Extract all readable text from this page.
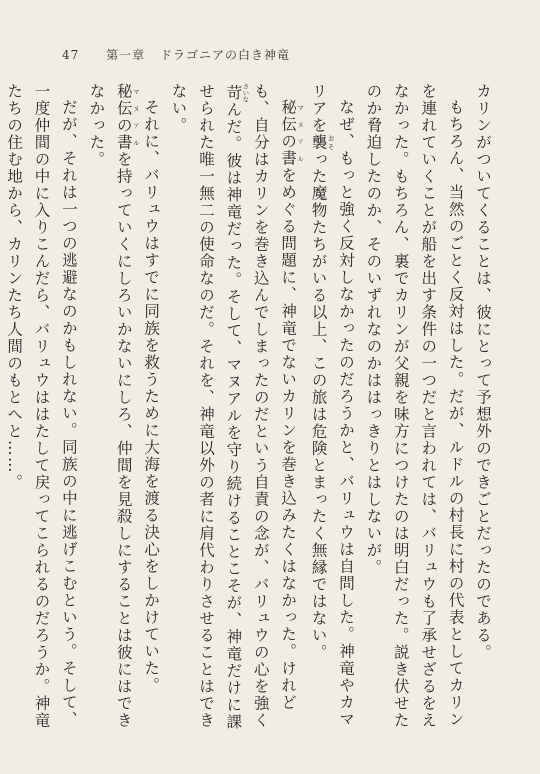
47 第一章 ドラゴニアの白き神竜

カリンがついてくることは、彼にとって予想外のできごとだったのである。

もちろん、当然のごとく反対はした。だが、ルドルの村長に村の代表としてカリンを連れていくことが船を出す条件の一つだと言われては、バリュウも了承せざるをえなかった。もちろん、裏でカリンが父親を味方につけたのは明白だった。説き伏せたのか脅迫したのか、そのいずれなのかははっきりとはしないが。

なぜ、もっと強く反対しなかったのだろうかと、バリュウは自問した。神竜やカマリアを襲 おそった魔物たちがいる以上、この旅は危険とまったく無縁ではない。

秘伝の書 マヌアルをめぐる問題に、神竜でないカリンを巻き込みたくはなかった。けれども、自分はカリンを巻き込んでしまったのだという自責の念が、バリュウの心を強く苛 さいなんだ。彼は神竜だった。そして、マヌアルを守り続けることこそが、神竜だけに課せられた唯一無二の使命なのだ。それを、神竜以外の者に肩代わりさせることはできない。

それに、バリュウはすでに同族を救うために大海を渡る決心をしかけていた。秘伝の書 マヌアルを持っていくにしろいかないにしろ、仲間を見殺しにすることは彼にはできなかった。

だが、それは一つの逃避なのかもしれない。同族の中に逃げこむという。そして、一度仲間の中に入りこんだら、バリュウははたして戻ってこられるのだろうか。神竜たちの住む地から、カリンたち人間のもとへと……。
